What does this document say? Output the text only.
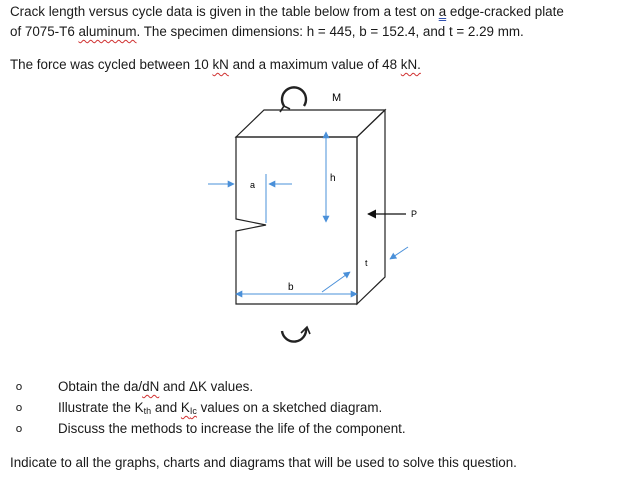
Crack length versus cycle data is given in the table below from a test on a edge-cracked plate
of 7075-T6 aluminum. The specimen dimensions: h = 445, b = 152.4, and t = 2.29 mm.
The force was cycled between 10 kN and a maximum value of 48 kN.
M
h
a
P
t
b
o	Obtain the da/dN and ΔK values.
o	Illustrate the $K_{th}$ and $K_{Ic}$ values on a sketched diagram.
o	Discuss the methods to increase the life of the component.
Indicate to all the graphs, charts and diagrams that will be used to solve this question.
